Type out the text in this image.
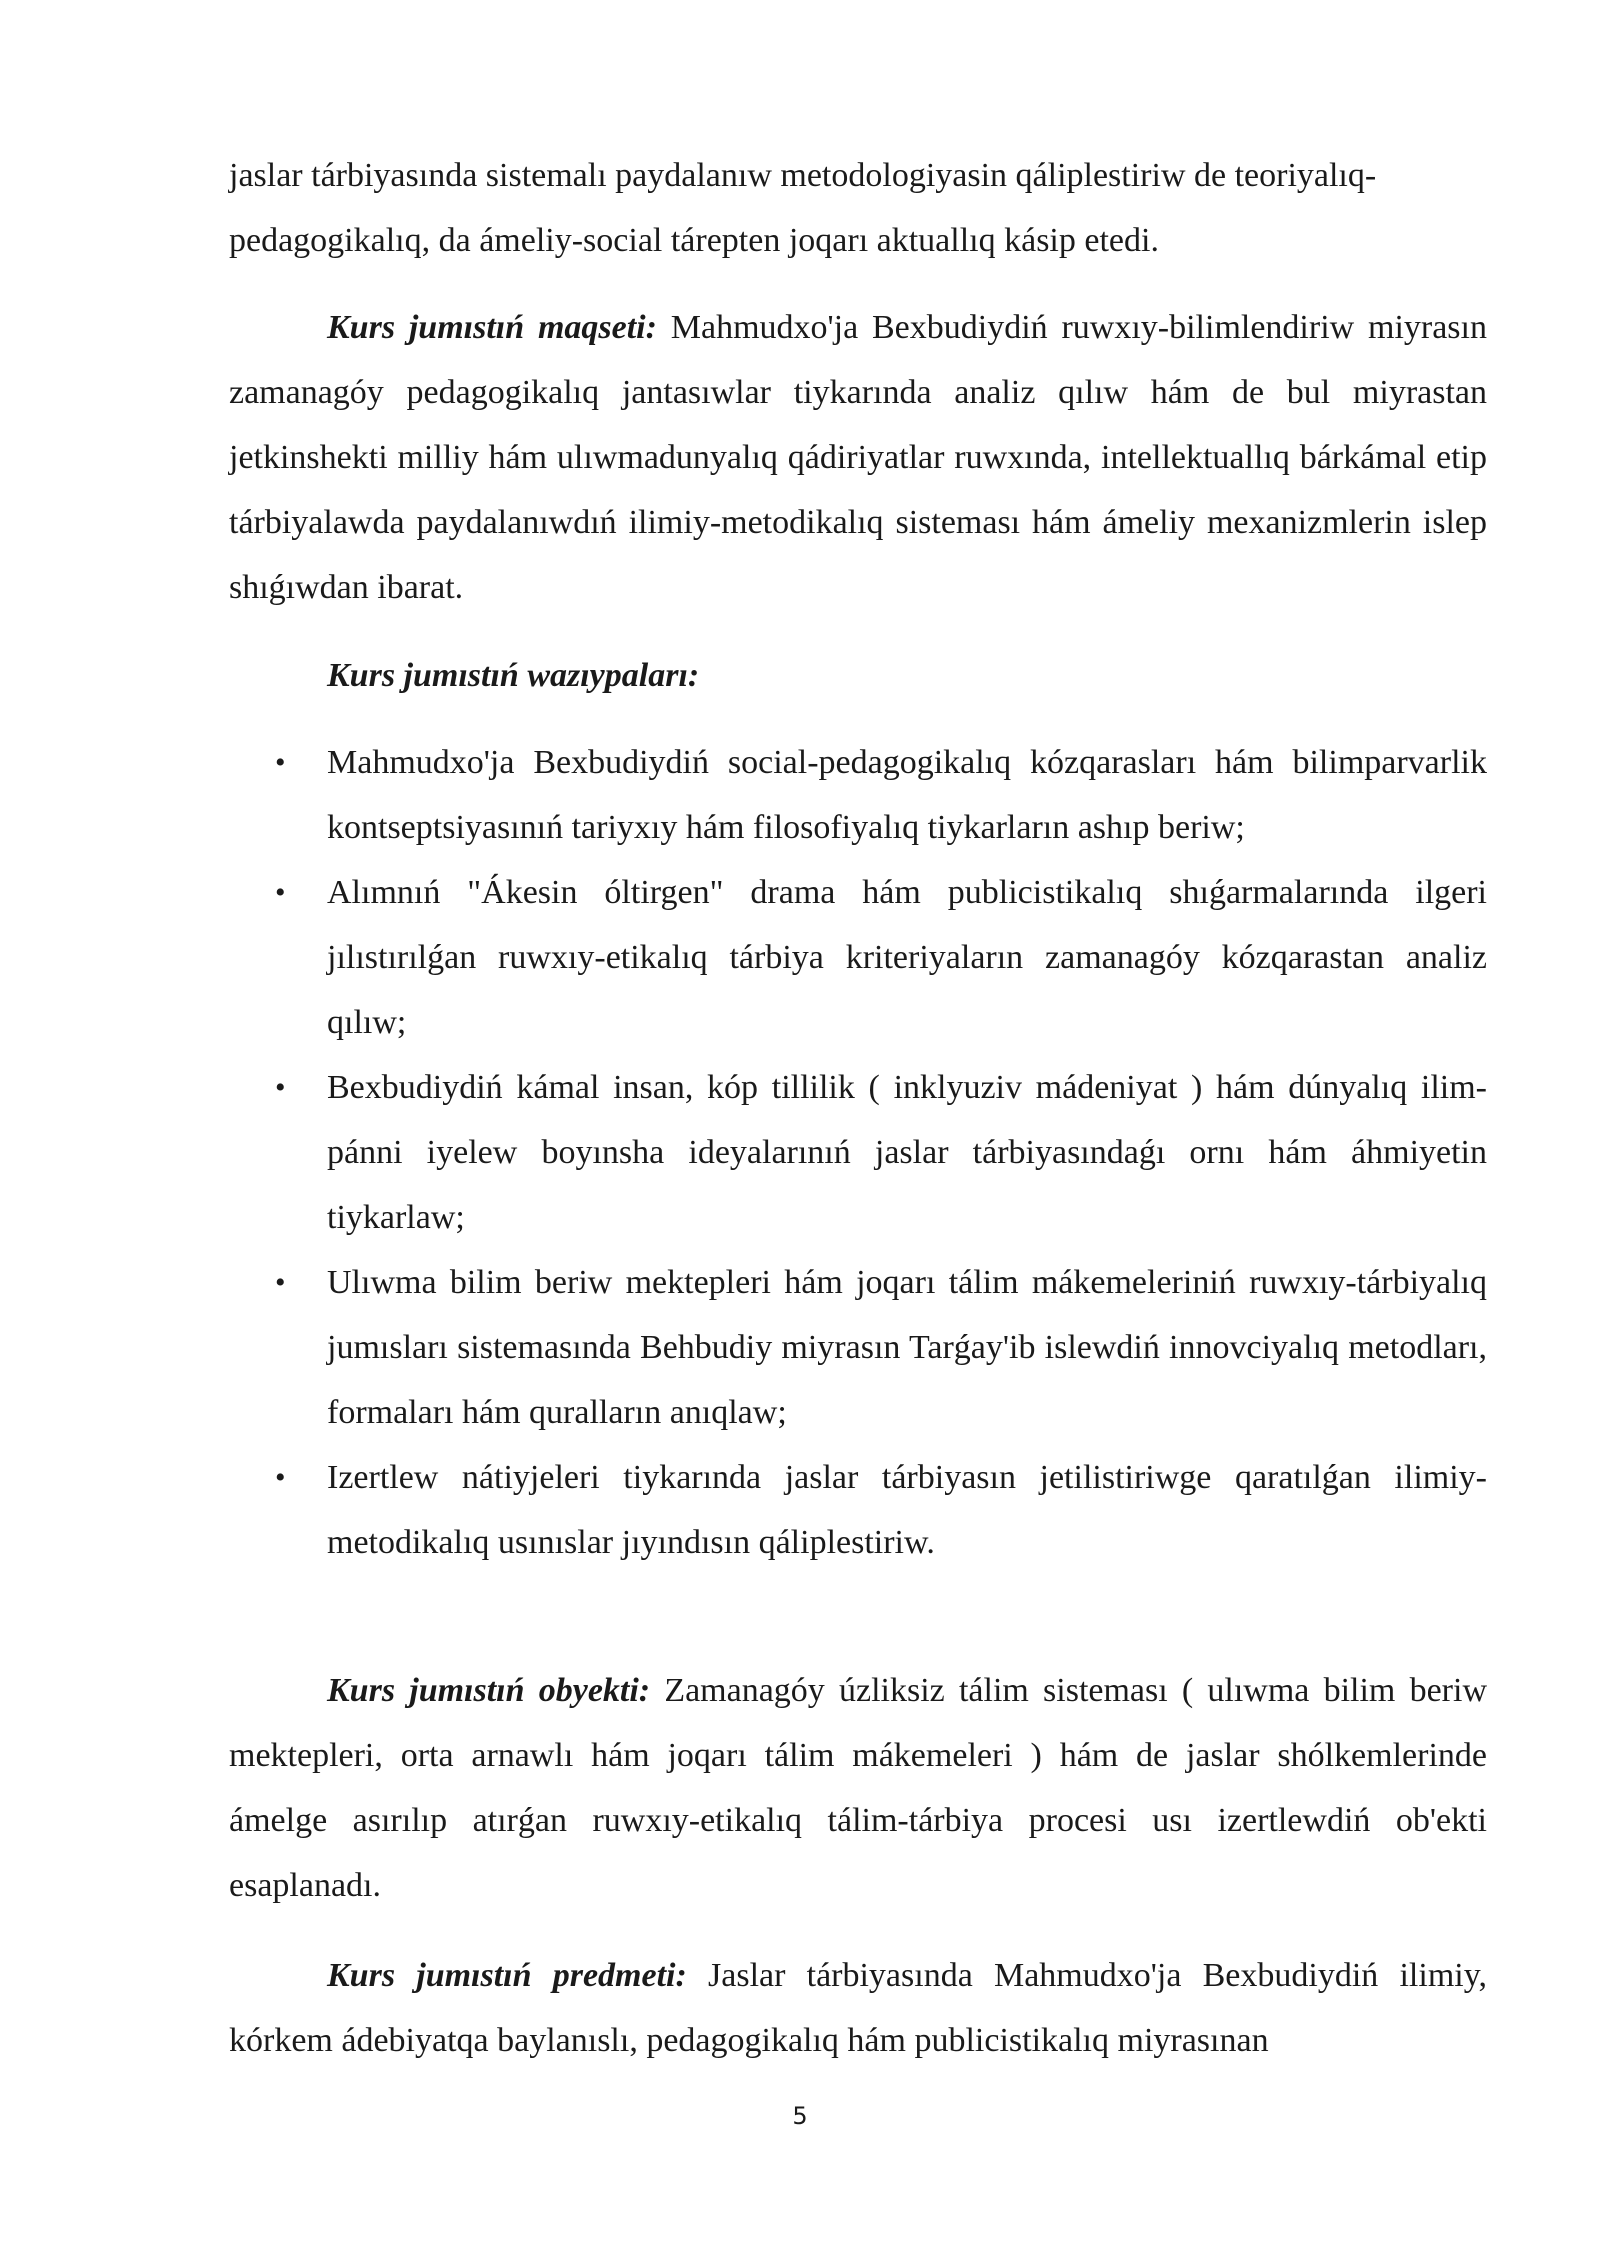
jaslar tárbiyasında sistemalı paydalanıw metodologiyasin qáliplestiriw de teoriyalıq-pedagogikalıq, da ámeliy-social tárepten joqarı aktuallıq kásip etedi.

Kurs jumıstıń maqseti: Mahmudxo'ja Bexbudiydiń ruwxıy-bilimlendiriw miyrasın zamanagóy pedagogikalıq jantasıwlar tiykarında analiz qılıw hám de bul miyrastan jetkinshekti milliy hám ulıwmadunyalıq qádiriyatlar ruwxında, intellektuallıq bárkámal etip tárbiyalawda paydalanıwdıń ilimiy-metodikalıq sisteması hám ámeliy mexanizmlerin islep shıǵıwdan ibarat.

Kurs jumıstıń wazıypaları:

• Mahmudxo'ja Bexbudiydiń social-pedagogikalıq kózqarasları hám bilimparvarlik kontseptsiyasınıń tariyxıy hám filosofiyalıq tiykarların ashıp beriw;
• Alımnıń "Ákesin óltirgen" drama hám publicistikalıq shıǵarmalarında ilgeri jılıstırılǵan ruwxıy-etikalıq tárbiya kriteriyaların zamanagóy kózqarastan analiz qılıw;
• Bexbudiydiń kámal insan, kóp tillilik ( inklyuziv mádeniyat ) hám dúnyalıq ilim-pánni iyelew boyınsha ideyalarınıń jaslar tárbiyasındaǵı ornı hám áhmiyetin tiykarlaw;
• Ulıwma bilim beriw mektepleri hám joqarı tálim mákemeleriniń ruwxıy-tárbiyalıq jumısları sistemasında Behbudiy miyrasın Tarǵay'ib islewdiń innovciyalıq metodları, formaları hám quralların anıqlaw;
• Izertlew nátiyjeleri tiykarında jaslar tárbiyasın jetilistiriwge qaratılǵan ilimiy-metodikalıq usınıslar jıyındısın qáliplestiriw.

Kurs jumıstıń obyekti: Zamanagóy úzliksiz tálim sisteması ( ulıwma bilim beriw mektepleri, orta arnawlı hám joqarı tálim mákemeleri ) hám de jaslar shólkemlerinde ámelge asırılıp atırǵan ruwxıy-etikalıq tálim-tárbiya procesi usı izertlewdiń ob'ekti esaplanadı.

Kurs jumıstıń predmeti: Jaslar tárbiyasında Mahmudxo'ja Bexbudiydiń ilimiy, kórkem ádebiyatqa baylanıslı, pedagogikalıq hám publicistikalıq miyrasınan

5
